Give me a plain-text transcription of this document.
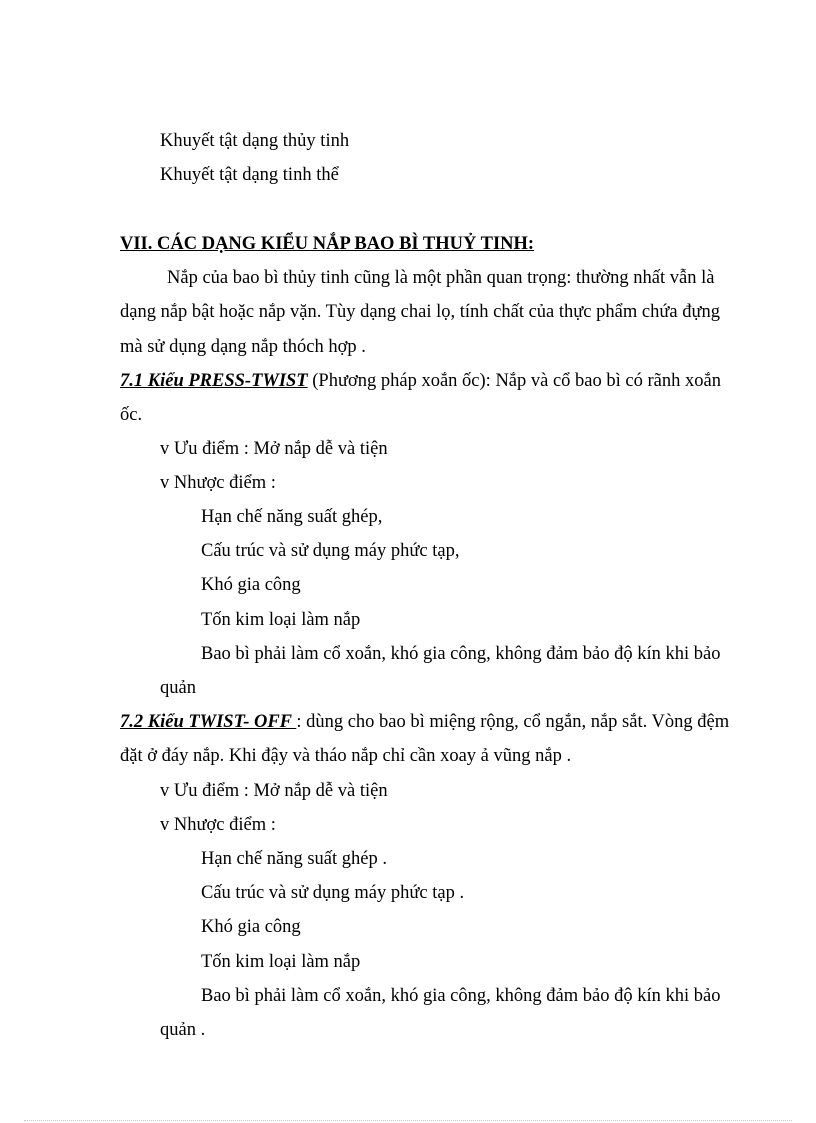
Khuyết tật dạng thủy tinh
Khuyết tật dạng tinh thể
VII. CÁC DẠNG KIỂU NẮP BAO BÌ THUỶ TINH:
Nắp của bao bì thủy tinh cũng là một phần quan trọng: thường nhất vẫn là
dạng nắp bật hoặc nắp vặn. Tùy dạng chai lọ, tính chất của thực phẩm chứa đựng
mà sử dụng dạng nắp thóch hợp .
7.1 Kiểu PRESS-TWIST (Phương pháp xoắn ốc): Nắp và cổ bao bì có rãnh xoắn
ốc.
v Ưu điểm : Mở nắp dễ và tiện
v Nhược điểm :
Hạn chế năng suất ghép,
Cấu trúc và sử dụng máy phức tạp,
Khó gia công
Tốn kim loại làm nắp
Bao bì phải làm cổ xoắn, khó gia công, không đảm bảo độ kín khi bảo
quản
7.2 Kiểu TWIST- OFF : dùng cho bao bì miệng rộng, cổ ngắn, nắp sắt. Vòng đệm
đặt ở đáy nắp. Khi đậy và tháo nắp chỉ cần xoay ả vũng nắp .
v Ưu điểm : Mở nắp dễ và tiện
v Nhược điểm :
Hạn chế năng suất ghép .
Cấu trúc và sử dụng máy phức tạp .
Khó gia công
Tốn kim loại làm nắp
Bao bì phải làm cổ xoắn, khó gia công, không đảm bảo độ kín khi bảo
quản .
